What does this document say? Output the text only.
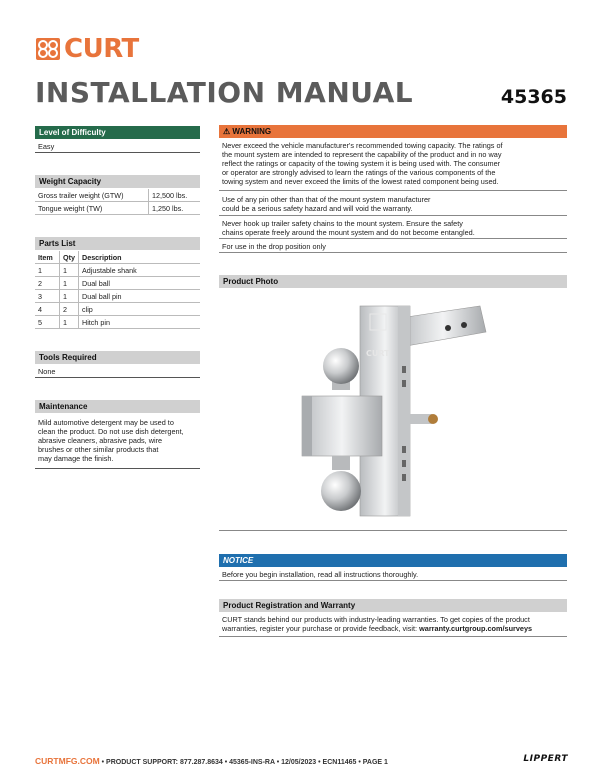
CURT
INSTALLATION MANUAL	45365
Level of Difficulty
Easy
Weight Capacity
Gross trailer weight (GTW)	12,500 lbs.
Tongue weight (TW)	1,250 lbs.
Parts List
Item	Qty	Description
1	1	Adjustable shank
2	1	Dual ball
3	1	Dual ball pin
4	2	clip
5	1	Hitch pin
Tools Required
None
Maintenance
Mild automotive detergent may be used to
clean the product. Do not use dish detergent,
abrasive cleaners, abrasive pads, wire
brushes or other similar products that
may damage the finish.
⚠ WARNING
Never exceed the vehicle manufacturer's recommended towing capacity. The ratings of
the mount system are intended to represent the capability of the product and in no way
reflect the ratings or capacity of the towing system it is being used with. The consumer
or operator are strongly advised to learn the ratings of the various components of the
towing system and never exceed the limits of the lowest rated component being used.
Use of any pin other than that of the mount system manufacturer
could be a serious safety hazard and will void the warranty.
Never hook up trailer safety chains to the mount system. Ensure the safety
chains operate freely around the mount system and do not become entangled.
For use in the drop position only
Product Photo
CURT
NOTICE
Before you begin installation, read all instructions thoroughly.
Product Registration and Warranty
CURT stands behind our products with industry-leading warranties. To get copies of the product
warranties, register your purchase or provide feedback, visit: warranty.curtgroup.com/surveys
CURTMFG.COM • PRODUCT SUPPORT: 877.287.8634 • 45365-INS-RA • 12/05/2023 • ECN11465 • PAGE 1	LIPPERT
